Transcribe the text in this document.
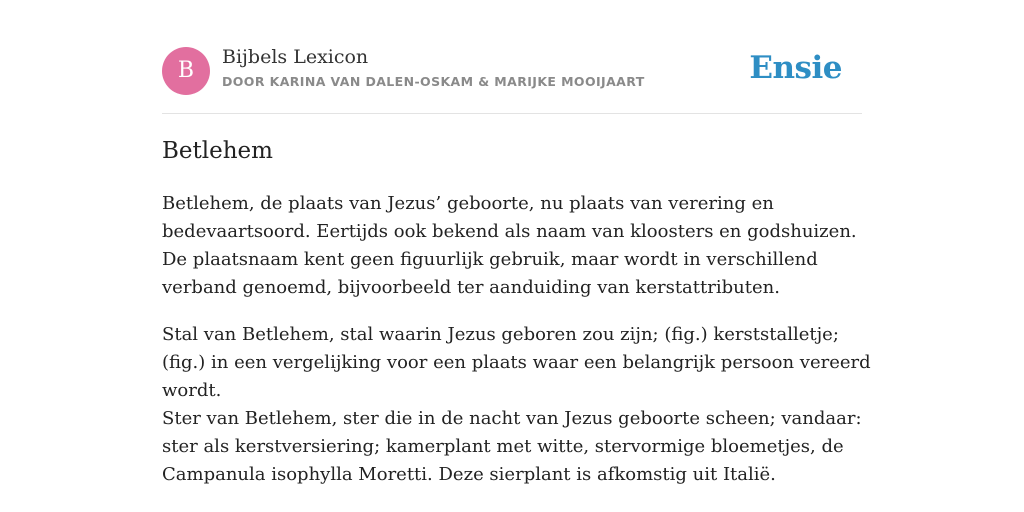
B
Bijbels Lexicon
DOOR KARINA VAN DALEN-OSKAM & MARIJKE MOOIJAART	Ensie
Betlehem

Betlehem, de plaats van Jezus’ geboorte, nu plaats van verering en bedevaartsoord. Eertijds ook bekend als naam van kloosters en godshuizen. De plaatsnaam kent geen figuurlijk gebruik, maar wordt in verschillend verband genoemd, bijvoorbeeld ter aanduiding van kerstattributen.

Stal van Betlehem, stal waarin Jezus geboren zou zijn; (fig.) kerststalletje; (fig.) in een vergelijking voor een plaats waar een belangrijk persoon vereerd wordt.

Ster van Betlehem, ster die in de nacht van Jezus geboorte scheen; vandaar: ster als kerstversiering; kamerplant met witte, stervormige bloemetjes, de Campanula isophylla Moretti. Deze sierplant is afkomstig uit Italië.
